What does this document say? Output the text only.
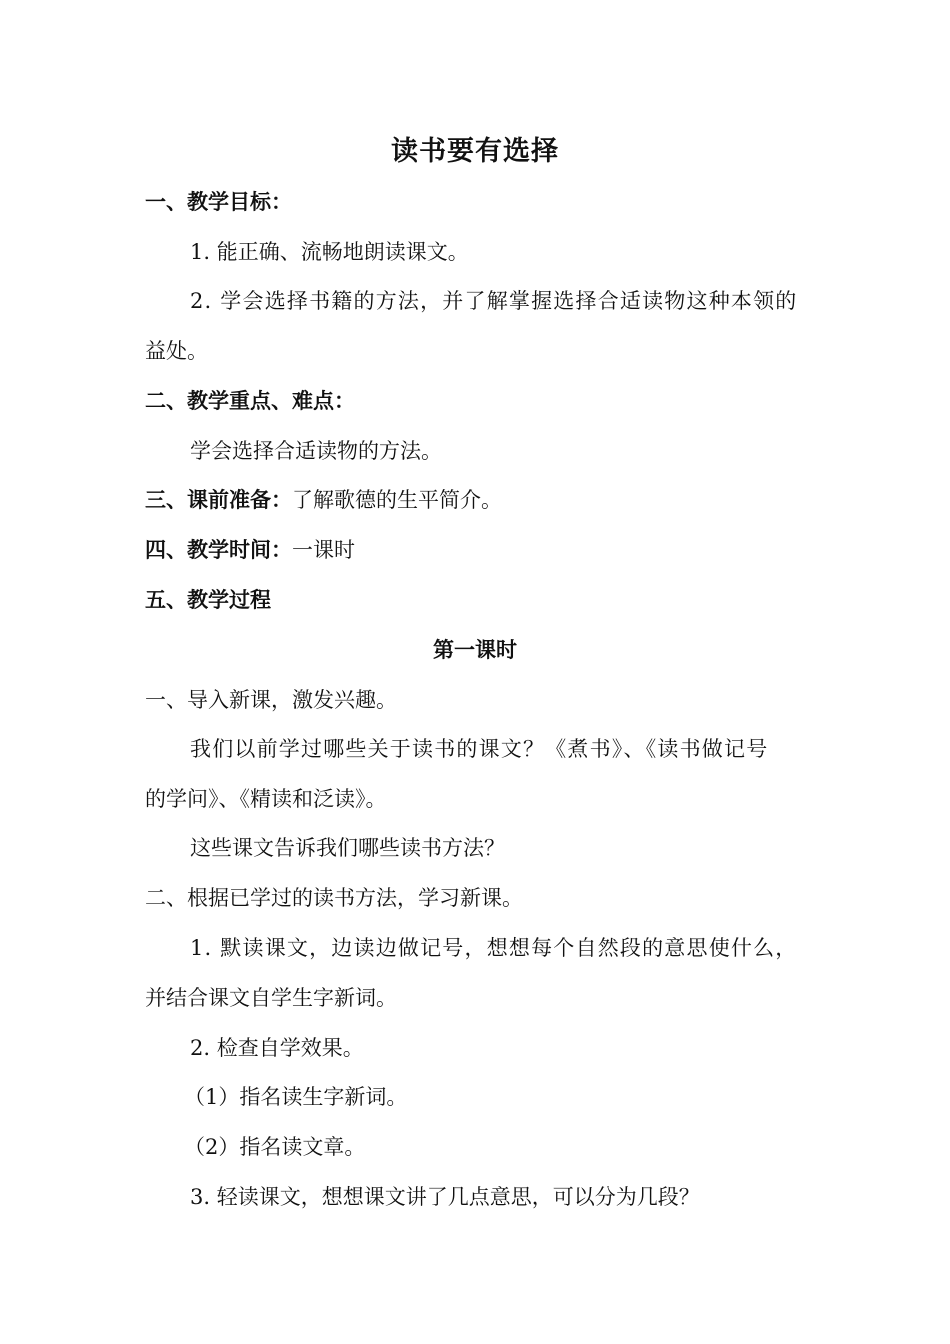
读书要有选择
一、教学目标：
1. 能正确、流畅地朗读课文。
2. 学会选择书籍的方法，并了解掌握选择合适读物这种本领的
益处。
二、教学重点、难点：
学会选择合适读物的方法。
三、课前准备：了解歌德的生平简介。
四、教学时间：一课时
五、教学过程
第一课时
一、导入新课，激发兴趣。
我们以前学过哪些关于读书的课文？《煮书》、《读书做记号
的学问》、《精读和泛读》。
这些课文告诉我们哪些读书方法？
二、根据已学过的读书方法，学习新课。
1. 默读课文，边读边做记号，想想每个自然段的意思使什么，
并结合课文自学生字新词。
2. 检查自学效果。
（1）指名读生字新词。
（2）指名读文章。
3. 轻读课文，想想课文讲了几点意思，可以分为几段？
